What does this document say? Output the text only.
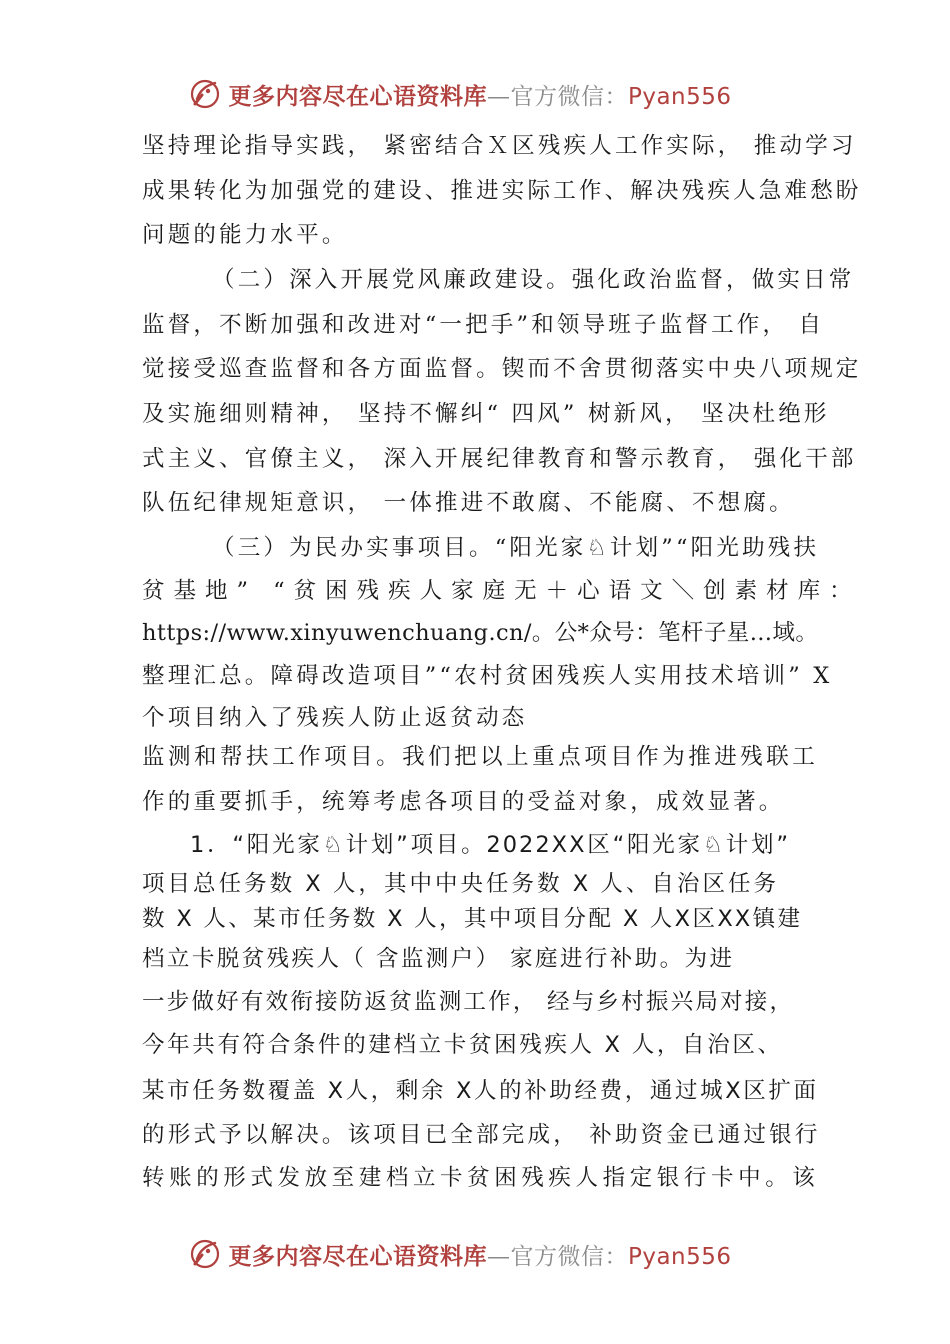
更多内容尽在心语资料库—官方微信：Pyan556
坚持理论指导实践， 紧密结合Ｘ区残疾人工作实际， 推动学习
成果转化为加强党的建设、推进实际工作、解决残疾人急难愁盼
问题的能力水平。
（二）深入开展党风廉政建设。强化政治监督，做实日常
监督，不断加强和改进对“一把手”和领导班子监督工作， 自
觉接受巡查监督和各方面监督。锲而不舍贯彻落实中央八项规定
及实施细则精神， 坚持不懈纠“ 四风” 树新风， 坚决杜绝形
式主义、官僚主义， 深入开展纪律教育和警示教育， 强化干部
队伍纪律规矩意识， 一体推进不敢腐、不能腐、不想腐。
（三）为民办实事项目。“阳光家♘计划”“阳光助残扶
贫基地” “贫困残疾人家庭无＋心语文＼创素材库：
https://www.xinyuwenchuang.cn/。公*众号：笔杆子星…域。
整理汇总。障碍改造项目”“农村贫困残疾人实用技术培训” X
个项目纳入了残疾人防止返贫动态
监测和帮扶工作项目。我们把以上重点项目作为推进残联工
作的重要抓手，统筹考虑各项目的受益对象，成效显著。
1．“阳光家♘计划”项目。2022XX区“阳光家♘计划”
项目总任务数 X 人，其中中央任务数 X 人、自治区任务
数 X 人、某市任务数 X 人，其中项目分配 X 人X区XX镇建
档立卡脱贫残疾人（ 含监测户） 家庭进行补助。为进
一步做好有效衔接防返贫监测工作， 经与乡村振兴局对接，
今年共有符合条件的建档立卡贫困残疾人 X 人，自治区、
某市任务数覆盖 X人，剩余 X人的补助经费，通过城X区扩面
的形式予以解决。该项目已全部完成， 补助资金已通过银行
转账的形式发放至建档立卡贫困残疾人指定银行卡中。该
更多内容尽在心语资料库—官方微信：Pyan556
